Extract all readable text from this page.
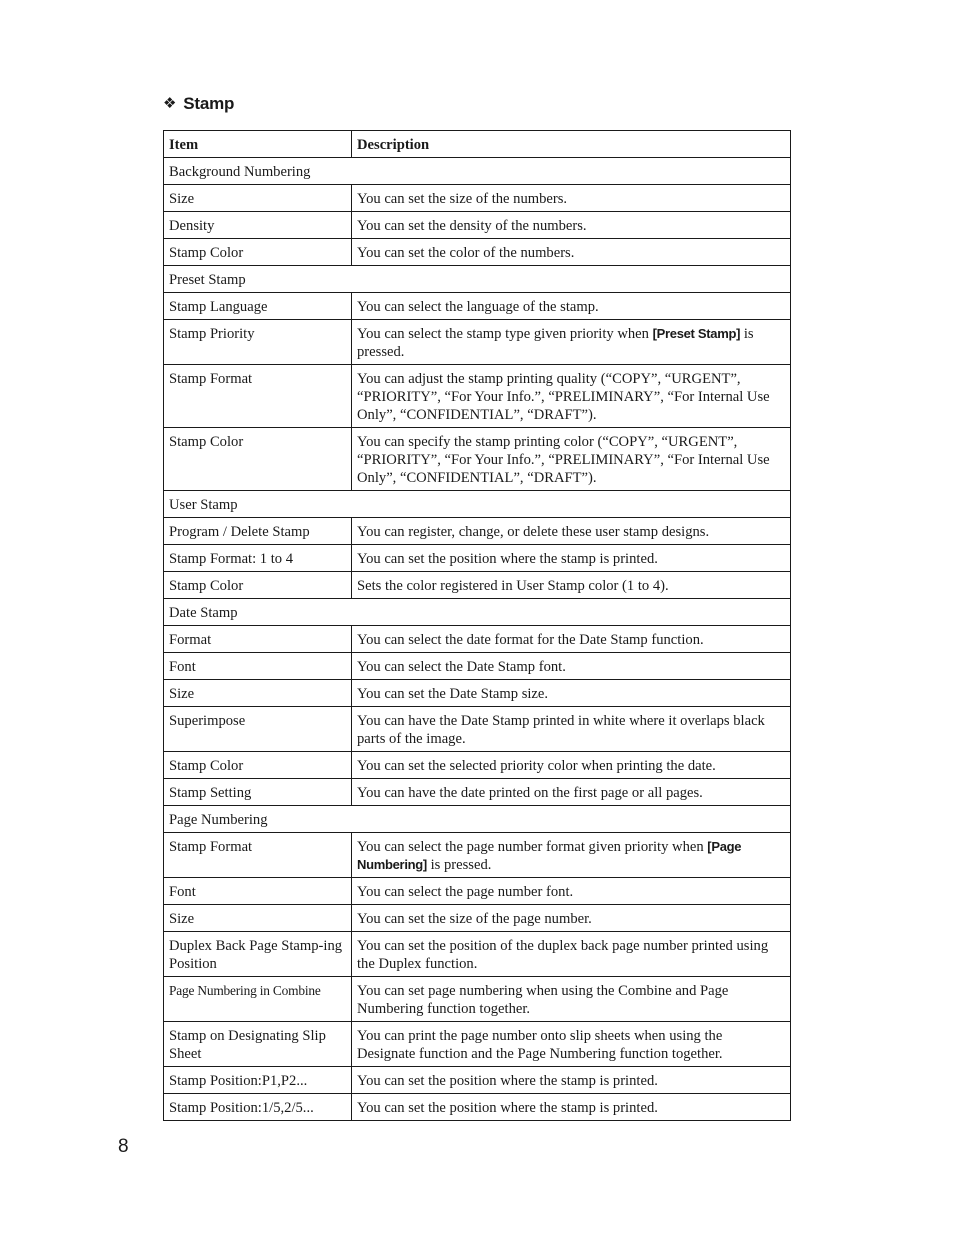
❖ Stamp
Item	Description
Background Numbering	
Size	You can set the size of the numbers.
Density	You can set the density of the numbers.
Stamp Color	You can set the color of the numbers.
Preset Stamp	
Stamp Language	You can select the language of the stamp.
Stamp Priority	You can select the stamp type given priority when [Preset Stamp] is pressed.
Stamp Format	You can adjust the stamp printing quality (“COPY”, “URGENT”, “PRIORITY”, “For Your Info.”, “PRELIMINARY”, “For Internal Use Only”, “CONFIDENTIAL”, “DRAFT”).
Stamp Color	You can specify the stamp printing color (“COPY”, “URGENT”, “PRIORITY”, “For Your Info.”, “PRELIMINARY”, “For Internal Use Only”, “CONFIDENTIAL”, “DRAFT”).
User Stamp	
Program / Delete Stamp	You can register, change, or delete these user stamp designs.
Stamp Format: 1 to 4	You can set the position where the stamp is printed.
Stamp Color	Sets the color registered in User Stamp color (1 to 4).
Date Stamp	
Format	You can select the date format for the Date Stamp function.
Font	You can select the Date Stamp font.
Size	You can set the Date Stamp size.
Superimpose	You can have the Date Stamp printed in white where it overlaps black parts of the image.
Stamp Color	You can set the selected priority color when printing the date.
Stamp Setting	You can have the date printed on the first page or all pages.
Page Numbering	
Stamp Format	You can select the page number format given priority when [Page Numbering] is pressed.
Font	You can select the page number font.
Size	You can set the size of the page number.
Duplex Back Page Stamp-ing Position	You can set the position of the duplex back page number printed using the Duplex function.
Page Numbering in Combine	You can set page numbering when using the Combine and Page Numbering function together.
Stamp on Designating Slip Sheet	You can print the page number onto slip sheets when using the Designate function and the Page Numbering function together.
Stamp Position:P1,P2...	You can set the position where the stamp is printed.
Stamp Position:1/5,2/5...	You can set the position where the stamp is printed.
8
